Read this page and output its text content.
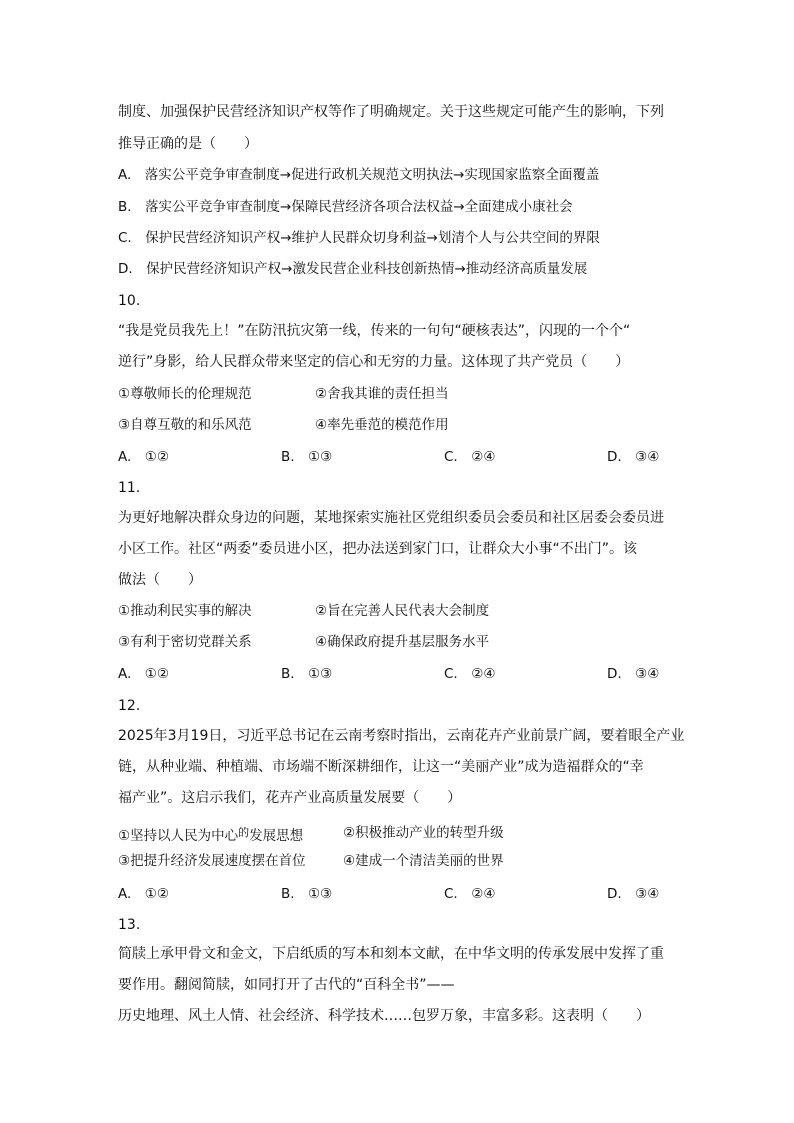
制度、加强保护民营经济知识产权等作了明确规定。关于这些规定可能产生的影响，下列
推导正确的是（　　）
A.　落实公平竞争审查制度→促进行政机关规范文明执法→实现国家监察全面覆盖
B.　落实公平竞争审查制度→保障民营经济各项合法权益→全面建成小康社会
C.　保护民营经济知识产权→维护人民群众切身利益→划清个人与公共空间的界限
D.　保护民营经济知识产权→激发民营企业科技创新热情→推动经济高质量发展
10.
“我是党员我先上！”在防汛抗灾第一线，传来的一句句“硬核表达”，闪现的一个个“
逆行”身影，给人民群众带来坚定的信心和无穷的力量。这体现了共产党员（　　）
①尊敬师长的伦理规范	②舍我其谁的责任担当
③自尊互敬的和乐风范	④率先垂范的模范作用
A.　①②	B.　①③	C.　②④	D.　③④
11.
为更好地解决群众身边的问题，某地探索实施社区党组织委员会委员和社区居委会委员进
小区工作。社区“两委”委员进小区，把办法送到家门口，让群众大小事“不出门”。该
做法（　　）
①推动利民实事的解决	②旨在完善人民代表大会制度
③有利于密切党群关系	④确保政府提升基层服务水平
A.　①②	B.　①③	C.　②④	D.　③④
12.
2025年3月19日，习近平总书记在云南考察时指出，云南花卉产业前景广阔，要着眼全产业
链，从种业端、种植端、市场端不断深耕细作，让这一“美丽产业”成为造福群众的“幸
福产业”。这启示我们，花卉产业高质量发展要（　　）
①坚持以人民为中心$^的$发展思想	②积极推动产业的转型升级
③把提升经济发展速度摆在首位	④建成一个清洁美丽的世界
A.　①②	B.　①③	C.　②④	D.　③④
13.
简牍上承甲骨文和金文，下启纸质的写本和刻本文献，在中华文明的传承发展中发挥了重
要作用。翻阅简牍，如同打开了古代的“百科全书”——
历史地理、风土人情、社会经济、科学技术……包罗万象，丰富多彩。这表明（　　）
